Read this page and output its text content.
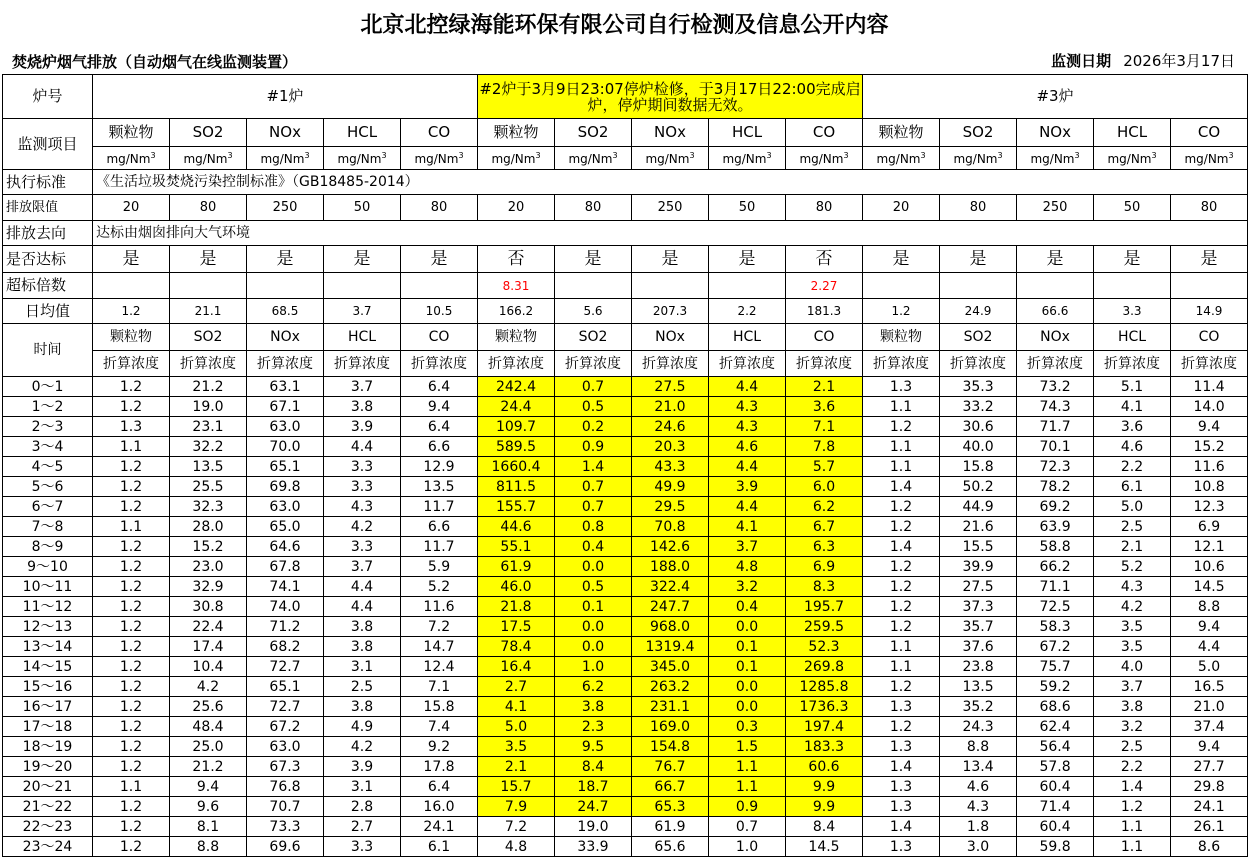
北京北控绿海能环保有限公司自行检测及信息公开内容
焚烧炉烟气排放（自动烟气在线监测装置）	监测日期 2026年3月17日
炉号	#1炉					#2炉于3月9日23:07停炉检修，于3月17日22:00完成启炉，停炉期间数据无效。					#3炉				
监测项目	颗粒物	SO2	NOx	HCL	CO	颗粒物	SO2	NOx	HCL	CO	颗粒物	SO2	NOx	HCL	CO
	mg/Nm$^3$	mg/Nm$^3$	mg/Nm$^3$	mg/Nm$^3$	mg/Nm$^3$	mg/Nm$^3$	mg/Nm$^3$	mg/Nm$^3$	mg/Nm$^3$	mg/Nm$^3$	mg/Nm$^3$	mg/Nm$^3$	mg/Nm$^3$	mg/Nm$^3$	mg/Nm$^3$
执行标准	《生活垃圾焚烧污染控制标准》（GB18485-2014）														
排放限值	20	80	250	50	80	20	80	250	50	80	20	80	250	50	80
排放去向	达标由烟囱排向大气环境														
是否达标	是	是	是	是	是	否	是	是	是	否	是	是	是	是	是
超标倍数						8.31				2.27					
日均值	1.2	21.1	68.5	3.7	10.5	166.2	5.6	207.3	2.2	181.3	1.2	24.9	66.6	3.3	14.9
时间	颗粒物	SO2	NOx	HCL	CO	颗粒物	SO2	NOx	HCL	CO	颗粒物	SO2	NOx	HCL	CO
	折算浓度	折算浓度	折算浓度	折算浓度	折算浓度	折算浓度	折算浓度	折算浓度	折算浓度	折算浓度	折算浓度	折算浓度	折算浓度	折算浓度	折算浓度
0～1	1.2	21.2	63.1	3.7	6.4	242.4	0.7	27.5	4.4	2.1	1.3	35.3	73.2	5.1	11.4
1～2	1.2	19.0	67.1	3.8	9.4	24.4	0.5	21.0	4.3	3.6	1.1	33.2	74.3	4.1	14.0
2～3	1.3	23.1	63.0	3.9	6.4	109.7	0.2	24.6	4.3	7.1	1.2	30.6	71.7	3.6	9.4
3～4	1.1	32.2	70.0	4.4	6.6	589.5	0.9	20.3	4.6	7.8	1.1	40.0	70.1	4.6	15.2
4～5	1.2	13.5	65.1	3.3	12.9	1660.4	1.4	43.3	4.4	5.7	1.1	15.8	72.3	2.2	11.6
5～6	1.2	25.5	69.8	3.3	13.5	811.5	0.7	49.9	3.9	6.0	1.4	50.2	78.2	6.1	10.8
6～7	1.2	32.3	63.0	4.3	11.7	155.7	0.7	29.5	4.4	6.2	1.2	44.9	69.2	5.0	12.3
7～8	1.1	28.0	65.0	4.2	6.6	44.6	0.8	70.8	4.1	6.7	1.2	21.6	63.9	2.5	6.9
8～9	1.2	15.2	64.6	3.3	11.7	55.1	0.4	142.6	3.7	6.3	1.4	15.5	58.8	2.1	12.1
9～10	1.2	23.0	67.8	3.7	5.9	61.9	0.0	188.0	4.8	6.9	1.2	39.9	66.2	5.2	10.6
10～11	1.2	32.9	74.1	4.4	5.2	46.0	0.5	322.4	3.2	8.3	1.2	27.5	71.1	4.3	14.5
11～12	1.2	30.8	74.0	4.4	11.6	21.8	0.1	247.7	0.4	195.7	1.2	37.3	72.5	4.2	8.8
12～13	1.2	22.4	71.2	3.8	7.2	17.5	0.0	968.0	0.0	259.5	1.2	35.7	58.3	3.5	9.4
13～14	1.2	17.4	68.2	3.8	14.7	78.4	0.0	1319.4	0.1	52.3	1.1	37.6	67.2	3.5	4.4
14～15	1.2	10.4	72.7	3.1	12.4	16.4	1.0	345.0	0.1	269.8	1.1	23.8	75.7	4.0	5.0
15～16	1.2	4.2	65.1	2.5	7.1	2.7	6.2	263.2	0.0	1285.8	1.2	13.5	59.2	3.7	16.5
16～17	1.2	25.6	72.7	3.8	15.8	4.1	3.8	231.1	0.0	1736.3	1.3	35.2	68.6	3.8	21.0
17～18	1.2	48.4	67.2	4.9	7.4	5.0	2.3	169.0	0.3	197.4	1.2	24.3	62.4	3.2	37.4
18～19	1.2	25.0	63.0	4.2	9.2	3.5	9.5	154.8	1.5	183.3	1.3	8.8	56.4	2.5	9.4
19～20	1.2	21.2	67.3	3.9	17.8	2.1	8.4	76.7	1.1	60.6	1.4	13.4	57.8	2.2	27.7
20～21	1.1	9.4	76.8	3.1	6.4	15.7	18.7	66.7	1.1	9.9	1.3	4.6	60.4	1.4	29.8
21～22	1.2	9.6	70.7	2.8	16.0	7.9	24.7	65.3	0.9	9.9	1.3	4.3	71.4	1.2	24.1
22～23	1.2	8.1	73.3	2.7	24.1	7.2	19.0	61.9	0.7	8.4	1.4	1.8	60.4	1.1	26.1
23～24	1.2	8.8	69.6	3.3	6.1	4.8	33.9	65.6	1.0	14.5	1.3	3.0	59.8	1.1	8.6
